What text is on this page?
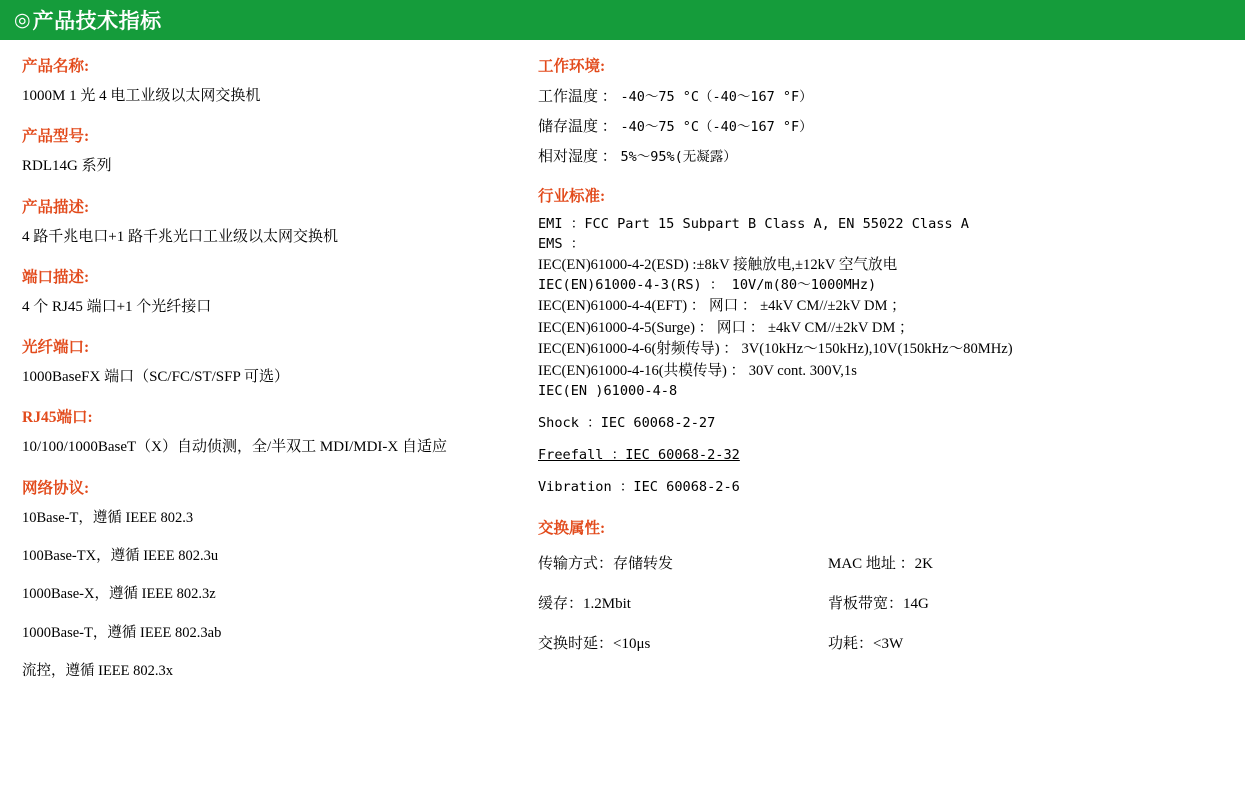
◎ 产品技术指标
产品名称:
1000M 1 光 4 电工业级以太网交换机
产品型号:
RDL14G 系列
产品描述:
4 路千兆电口+1 路千兆光口工业级以太网交换机
端口描述:
4 个 RJ45 端口+1 个光纤接口
光纤端口:
1000BaseFX 端口（SC/FC/ST/SFP 可选）
RJ45端口:
10/100/1000BaseT（X）自动侦测，全/半双工 MDI/MDI-X 自适应
网络协议:
10Base-T，遵循 IEEE 802.3
100Base-TX，遵循 IEEE 802.3u
1000Base-X，遵循 IEEE 802.3z
1000Base-T，遵循 IEEE 802.3ab
流控，遵循 IEEE 802.3x
工作环境:
工作温度 ： -40～75 °C（-40～167 °F）
储存温度 ： -40～75 °C（-40～167 °F）
相对湿度 ： 5%～95%(无凝露）
行业标准:
EMI ：FCC Part 15 Subpart B Class A, EN 55022 Class A
EMS ：
IEC(EN)61000-4-2(ESD) :±8kV 接触放电,±12kV 空气放电
IEC(EN)61000-4-3(RS) ： 10V/m(80～1000MHz)
IEC(EN)61000-4-4(EFT) ： 网口 ： ±4kV CM//±2kV DM ；
IEC(EN)61000-4-5(Surge) ： 网口 ： ±4kV CM//±2kV DM ；
IEC(EN)61000-4-6(射频传导) ： 3V(10kHz～150kHz),10V(150kHz～80MHz)
IEC(EN)61000-4-16(共模传导) ： 30V cont. 300V,1s
IEC(EN )61000-4-8
Shock ：IEC 60068-2-27
Freefall ：IEC 60068-2-32
Vibration ：IEC 60068-2-6
交换属性:
传输方式：存储转发	MAC 地址 ：2K
缓存：1.2Mbit	背板带宽：14G
交换时延：<10μs	功耗：<3W
